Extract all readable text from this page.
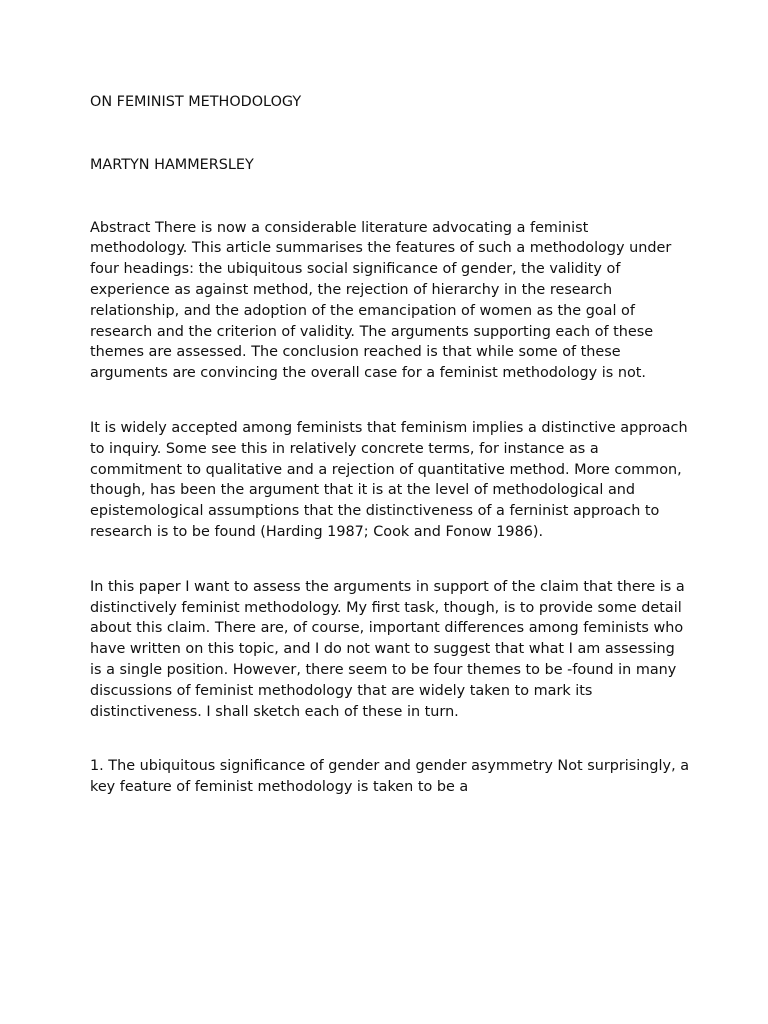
ON FEMINIST METHODOLOGY

MARTYN HAMMERSLEY

Abstract There is now a considerable literature advocating a feminist methodology. This article summarises the features of such a methodology under four headings: the ubiquitous social significance of gender, the validity of experience as against method, the rejection of hierarchy in the research relationship, and the adoption of the emancipation of women as the goal of research and the criterion of validity. The arguments supporting each of these themes are assessed. The conclusion reached is that while some of these arguments are convincing the overall case for a feminist methodology is not.

It is widely accepted among feminists that feminism implies a distinctive approach to inquiry. Some see this in relatively concrete terms, for instance as a commitment to qualitative and a rejection of quantitative method. More common, though, has been the argument that it is at the level of methodological and epistemological assumptions that the distinctiveness of a ferninist approach to research is to be found (Harding 1987; Cook and Fonow 1986).

In this paper I want to assess the arguments in support of the claim that there is a distinctively feminist methodology. My first task, though, is to provide some detail about this claim. There are, of course, important differences among feminists who have written on this topic, and I do not want to suggest that what I am assessing is a single position. However, there seem to be four themes to be -found in many discussions of feminist methodology that are widely taken to mark its distinctiveness. I shall sketch each of these in turn.

1. The ubiquitous significance of gender and gender asymmetry Not surprisingly, a key feature of feminist methodology is taken to be a
